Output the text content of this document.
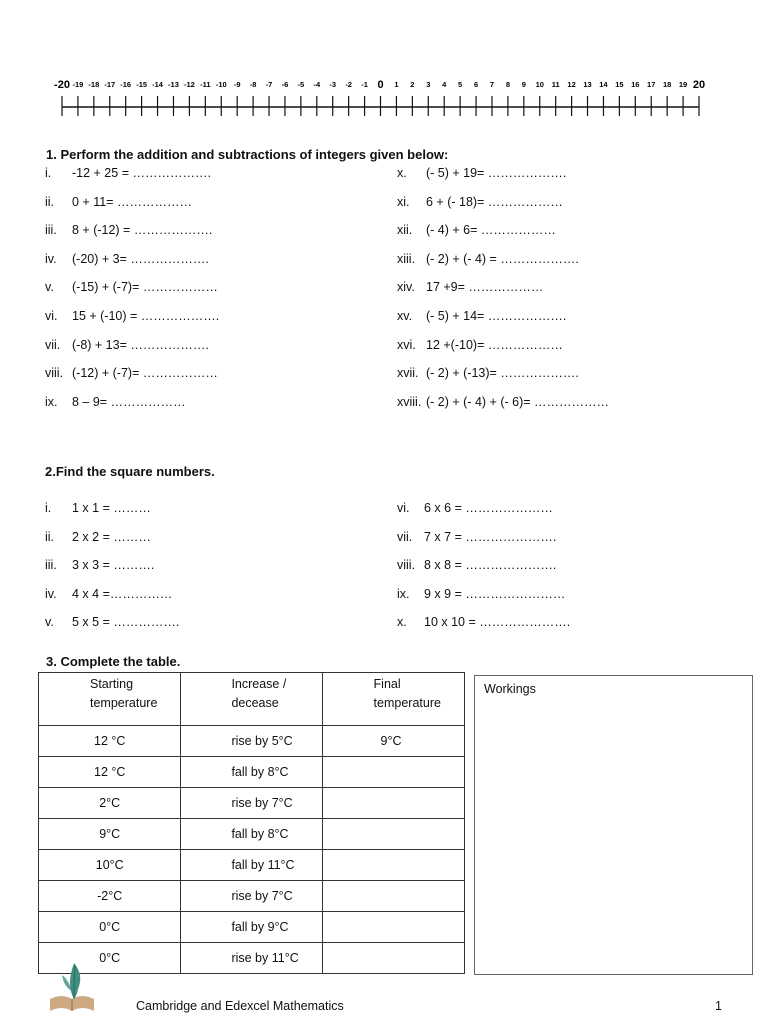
-20 -19 -18 -17 -16 -15 -14 -13 -12 -11 -10 -9 -8 -7 -6 -5 -4 -3 -2 -1 0 1 2 3 4 5 6 7 8 9 10 11 12 13 14 15 16 17 18 19 20
1. Perform the addition and subtractions of integers given below:
i. -12 + 25 = ……………….
ii. 0 + 11= ………………
iii. 8 + (-12) = ……………….
iv. (-20) + 3= ……………….
v. (-15) + (-7)= ………………
vi. 15 + (-10) = ……………….
vii. (-8) + 13= ……………….
viii. (-12) + (-7)= ………………
ix. 8 – 9= ………………
x. (- 5) + 19= ……………….
xi. 6 + (- 18)= ………………
xii. (- 4) + 6= ………………
xiii. (- 2) + (- 4) = ……………….
xiv. 17 +9= ………………
xv. (- 5) + 14= ……………….
xvi. 12 +(-10)= ………………
xvii. (- 2) + (-13)= ……………….
xviii. (- 2) + (- 4) + (- 6)= ………………
2.Find the square numbers.
i. 1 x 1 = ………
ii. 2 x 2 = ………
iii. 3 x 3 = ……….
iv. 4 x 4 =……………
v. 5 x 5 = …………….
vi. 6 x 6 = …………………
vii. 7 x 7 = ………………….
viii. 8 x 8 = ………………….
ix. 9 x 9 = ……………………
x. 10 x 10 = ………………….
3. Complete the table.
Starting
temperature	Increase /
decease	Final
temperature
12 °C	rise by 5°C	9°C
12 °C	fall by 8°C	
2°C	rise by 7°C	
9°C	fall by 8°C	
10°C	fall by 11°C	
-2°C	rise by 7°C	
0°C	fall by 9°C	
0°C	rise by 11°C	
Workings
Cambridge and Edexcel Mathematics	1
